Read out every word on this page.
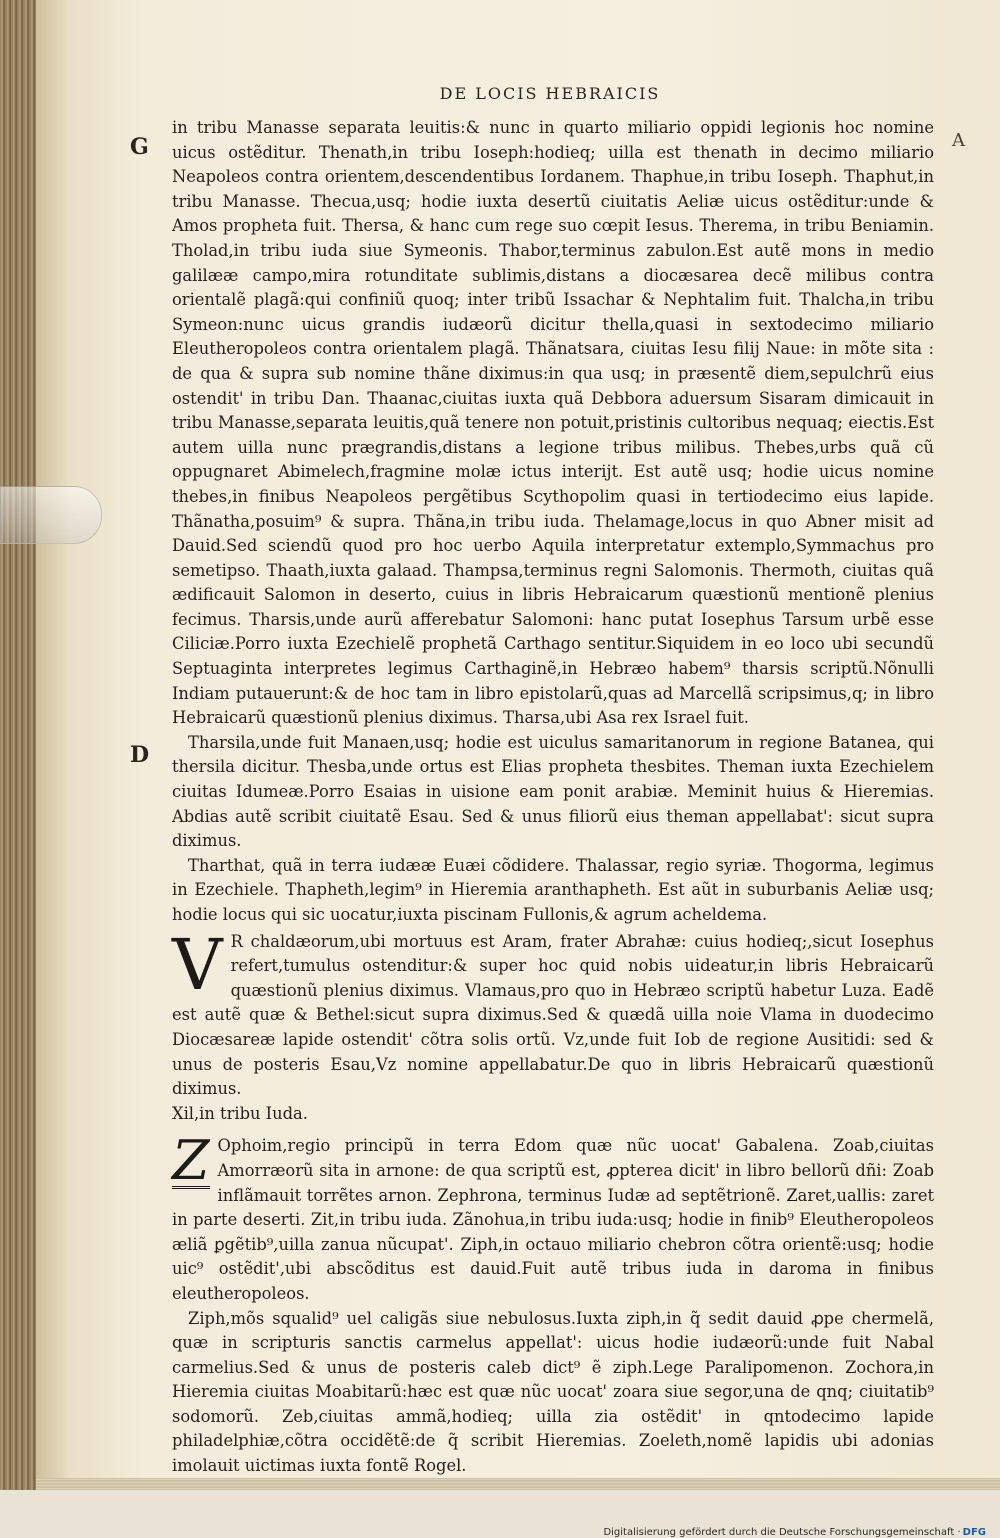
DE LOCIS HEBRAICIS
G
D
A

in tribu Manasse separata leuitis:& nunc in quarto miliario oppidi legionis hoc nomine uicus ostẽditur. Thenath,in tribu Ioseph:hodieq; uilla est thenath in decimo miliario Neapoleos contra orientem,descendentibus Iordanem. Thaphue,in tribu Ioseph. Thaphut,in tribu Manasse. Thecua,usq; hodie iuxta desertũ ciuitatis Aeliæ uicus ostẽditur:unde & Amos propheta fuit. Thersa, & hanc cum rege suo cœpit Iesus. Therema, in tribu Beniamin. Tholad,in tribu iuda siue Symeonis. Thabor,terminus zabulon.Est autẽ mons in medio galilææ campo,mira rotunditate sublimis,distans a diocæsarea decẽ milibus contra orientalẽ plagã:qui confiniũ quoq; inter tribũ Issachar & Nephtalim fuit. Thalcha,in tribu Symeon:nunc uicus grandis iudæorũ dicitur thella,quasi in sextodecimo miliario Eleutheropoleos contra orientalem plagã. Thãnatsara, ciuitas Iesu filij Naue: in mõte sita : de qua & supra sub nomine thãne diximus:in qua usq; in præsentẽ diem,sepulchrũ eius ostendit' in tribu Dan. Thaanac,ciuitas iuxta quã Debbora aduersum Sisaram dimicauit in tribu Manasse,separata leuitis,quã tenere non potuit,pristinis cultoribus nequaq; eiectis.Est autem uilla nunc prægrandis,distans a legione tribus milibus. Thebes,urbs quã cũ oppugnaret Abimelech,fragmine molæ ictus interijt. Est autẽ usq; hodie uicus nomine thebes,in finibus Neapoleos pergẽtibus Scythopolim quasi in tertiodecimo eius lapide. Thãnatha,posuim⁹ & supra. Thãna,in tribu iuda. Thelamage,locus in quo Abner misit ad Dauid.Sed sciendũ quod pro hoc uerbo Aquila interpretatur extemplo,Symmachus pro semetipso. Thaath,iuxta galaad. Thampsa,terminus regni Salomonis. Thermoth, ciuitas quã ædificauit Salomon in deserto, cuius in libris Hebraicarum quæstionũ mentionẽ plenius fecimus. Tharsis,unde aurũ afferebatur Salomoni: hanc putat Iosephus Tarsum urbẽ esse Ciliciæ.Porro iuxta Ezechielẽ prophetã Carthago sentitur.Siquidem in eo loco ubi secundũ Septuaginta interpretes legimus Carthaginẽ,in Hebræo habem⁹ tharsis scriptũ.Nõnulli Indiam putauerunt:& de hoc tam in libro epistolarũ,quas ad Marcellã scripsimus,q; in libro Hebraicarũ quæstionũ plenius diximus. Tharsa,ubi Asa rex Israel fuit.

Tharsila,unde fuit Manaen,usq; hodie est uiculus samaritanorum in regione Batanea, qui thersila dicitur. Thesba,unde ortus est Elias propheta thesbites. Theman iuxta Ezechielem ciuitas Idumeæ.Porro Esaias in uisione eam ponit arabiæ. Meminit huius & Hieremias. Abdias autẽ scribit ciuitatẽ Esau. Sed & unus filiorũ eius theman appellabat': sicut supra diximus.

Tharthat, quã in terra iudææ Euæi cõdidere. Thalassar, regio syriæ. Thogorma, legimus in Ezechiele. Thapheth,legim⁹ in Hieremia aranthapheth. Est aũt in suburbanis Aeliæ usq; hodie locus qui sic uocatur,iuxta piscinam Fullonis,& agrum acheldema.

V R chaldæorum,ubi mortuus est Aram, frater Abrahæ: cuius hodieq;,sicut Iosephus refert,tumulus ostenditur:& super hoc quid nobis uideatur,in libris Hebraicarũ quæstionũ plenius diximus. Vlamaus,pro quo in Hebræo scriptũ habetur Luza. Eadẽ est autẽ quæ & Bethel:sicut supra diximus.Sed & quædã uilla noie Vlama in duodecimo Diocæsareæ lapide ostendit' cõtra solis ortũ. Vz,unde fuit Iob de regione Ausitidi: sed & unus de posteris Esau,Vz nomine appellabatur.De quo in libris Hebraicarũ quæstionũ diximus.

Xil,in tribu Iuda.

Z Ophoim,regio principũ in terra Edom quæ nũc uocat' Gabalena. Zoab,ciuitas Amorræorũ sita in arnone: de qua scriptũ est, ꝓpterea dicit' in libro bellorũ dñi: Zoab inflãmauit torrẽtes arnon. Zephrona, terminus Iudæ ad septẽtrionẽ. Zaret,uallis: zaret in parte deserti. Zit,in tribu iuda. Zãnohua,in tribu iuda:usq; hodie in finib⁹ Eleutheropoleos æliã ꝑgẽtib⁹,uilla zanua nũcupat'. Ziph,in octauo miliario chebron cõtra orientẽ:usq; hodie uic⁹ ostẽdit',ubi abscõditus est dauid.Fuit autẽ tribus iuda in daroma in finibus eleutheropoleos.

Ziph,mõs squalid⁹ uel caligãs siue nebulosus.Iuxta ziph,in q̃ sedit dauid ꝓpe chermelã, quæ in scripturis sanctis carmelus appellat': uicus hodie iudæorũ:unde fuit Nabal carmelius.Sed & unus de posteris caleb dict⁹ ẽ ziph.Lege Paralipomenon. Zochora,in Hieremia ciuitas Moabitarũ:hæc est quæ nũc uocat' zoara siue segor,una de qnq; ciuitatib⁹ sodomorũ. Zeb,ciuitas ammã,hodieq; uilla zia ostẽdit' in qntodecimo lapide philadelphiæ,cõtra occidẽtẽ:de q̃ scribit Hieremias. Zoeleth,nomẽ lapidis ubi adonias imolauit uictimas iuxta fontẽ Rogel.

Digitalisierung gefördert durch die Deutsche Forschungsgemeinschaft · DFG
